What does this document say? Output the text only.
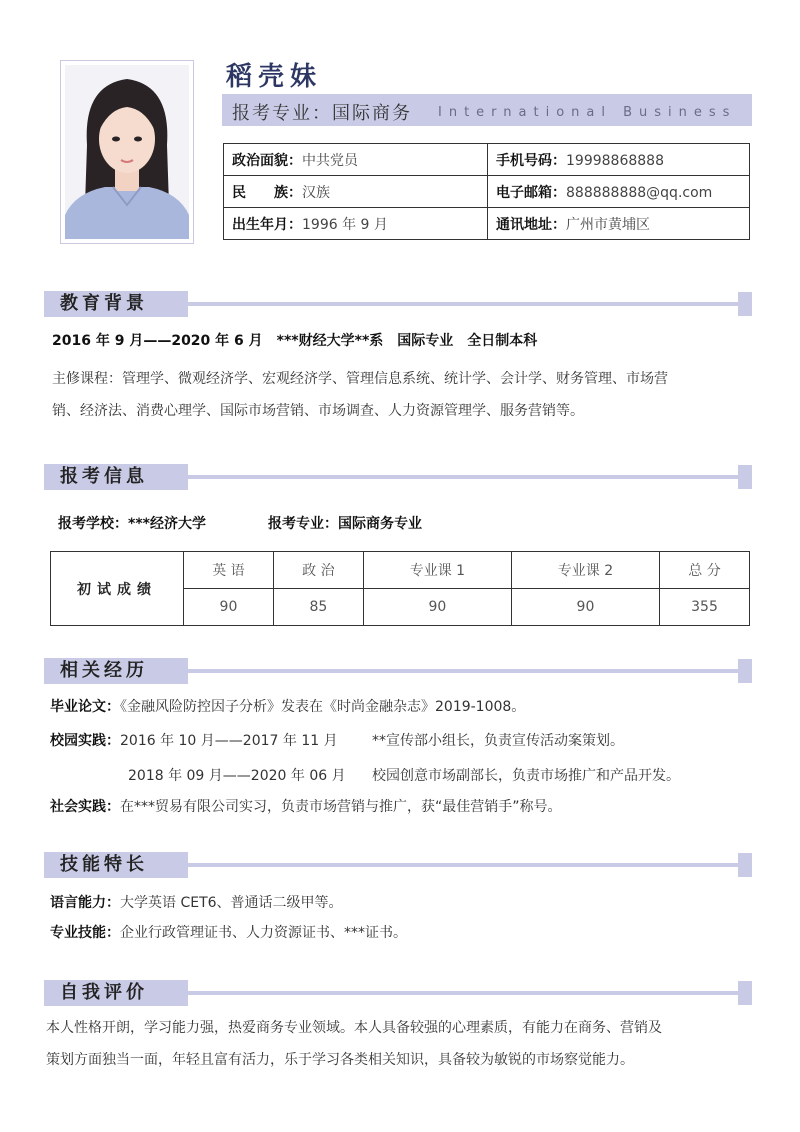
稻壳妹
报考专业：国际商务 International Business
政治面貌：中共党员	手机号码：19998868888
民　　族：汉族	电子邮箱：888888888@qq.com
出生年月：1996 年 9 月	通讯地址：广州市黄埔区
教育背景
2016 年 9 月——2020 年 6 月　***财经大学**系　国际专业　全日制本科
主修课程：管理学、微观经济学、宏观经济学、管理信息系统、统计学、会计学、财务管理、市场营
销、经济法、消费心理学、国际市场营销、市场调查、人力资源管理学、服务营销等。
报考信息
报考学校：***经济大学	报考专业：国际商务专业
初试成绩	英 语	政 治	专业课 1	专业课 2	总 分
	90	85	90	90	355
相关经历
毕业论文：《金融风险防控因子分析》发表在《时尚金融杂志》2019-1008。
校园实践：2016 年 10 月——2017 年 11 月 **宣传部小组长，负责宣传活动案策划。
2018 年 09 月——2020 年 06 月 校园创意市场副部长，负责市场推广和产品开发。
社会实践：在***贸易有限公司实习，负责市场营销与推广，获“最佳营销手”称号。
技能特长
语言能力：大学英语 CET6、普通话二级甲等。
专业技能：企业行政管理证书、人力资源证书、***证书。
自我评价
本人性格开朗，学习能力强，热爱商务专业领域。本人具备较强的心理素质，有能力在商务、营销及
策划方面独当一面，年轻且富有活力，乐于学习各类相关知识，具备较为敏锐的市场察觉能力。
